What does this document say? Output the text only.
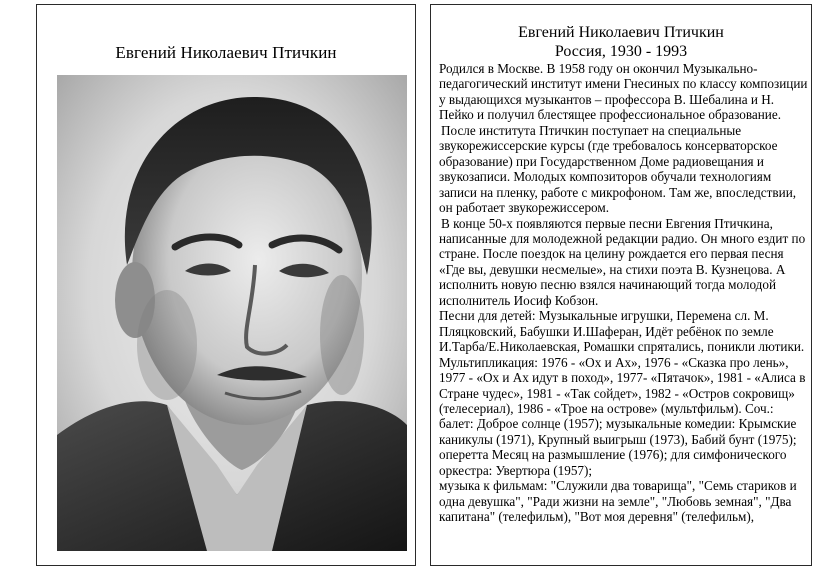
Евгений Николаевич Птичкин
Евгений Николаевич Птичкин
Россия, 1930 - 1993

Родился в Москве. В 1958 году он окончил Музыкально-педагогический институт имени Гнесиных по классу композиции у выдающихся музыкантов – профессора В. Шебалина и Н. Пейко и получил блестящее профессиональное образование.

После института Птичкин поступает на специальные звукорежиссерские курсы (где требовалось консерваторское образование) при Государственном Доме радиовещания и звукозаписи. Молодых композиторов обучали технологиям записи на пленку, работе с микрофоном. Там же, впоследствии, он работает звукорежиссером.

В конце 50-х появляются первые песни Евгения Птичкина, написанные для молодежной редакции радио. Он много ездит по стране. После поездок на целину рождается его первая песня «Где вы, девушки несмелые», на стихи поэта В. Кузнецова. А исполнить новую песню взялся начинающий тогда молодой исполнитель Иосиф Кобзон.

Песни для детей: Музыкальные игрушки, Перемена сл. М. Пляцковский, Бабушки И.Шаферан, Идёт ребёнок по земле И.Тарба/Е.Николаевская, Ромашки спрятались, поникли лютики. Мультипликация: 1976 - «Ох и Ах», 1976 - «Сказка про лень», 1977 - «Ох и Ах идут в поход», 1977- «Пятачок», 1981 - «Алиса в Стране чудес», 1981 - «Так сойдет», 1982 - «Остров сокровищ» (телесериал), 1986 - «Трое на острове» (мультфильм). Соч.: балет: Доброе солнце (1957); музыкальные комедии: Крымские каникулы (1971), Крупный выигрыш (1973), Бабий бунт (1975); оперетта Месяц на размышление (1976); для симфонического оркестра: Увертюра (1957);

музыка к фильмам: "Служили два товарища", "Семь стариков и одна девушка", "Ради жизни на земле", "Любовь земная", "Два капитана" (телефильм), "Вот моя деревня" (телефильм),
